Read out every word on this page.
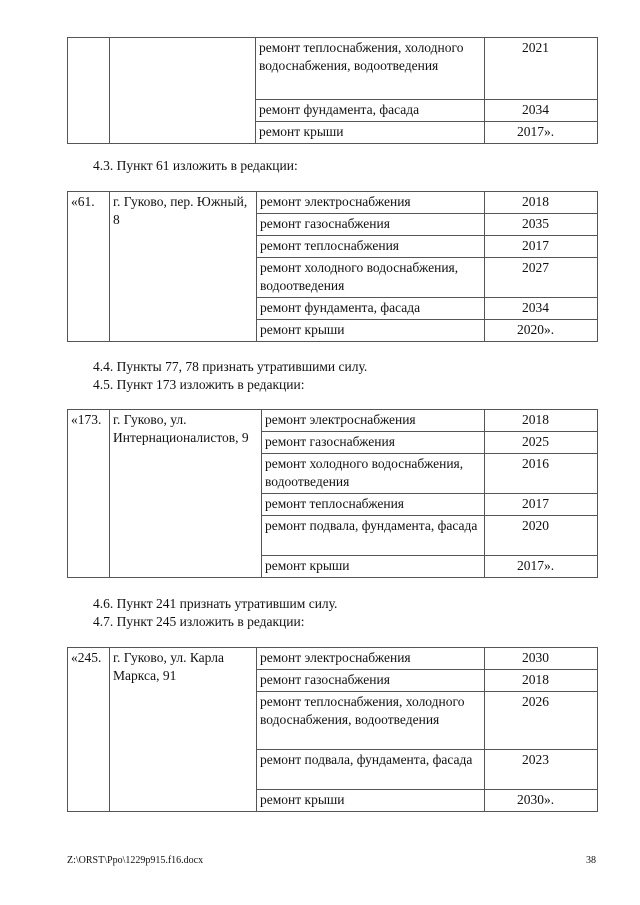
		ремонт теплоснабжения, холодного водоснабжения, водоотведения	2021
		ремонт фундамента, фасада	2034
		ремонт крыши	2017».
4.3. Пункт 61 изложить в редакции:
«61.	г. Гуково, пер. Южный, 8	ремонт электроснабжения	2018
		ремонт газоснабжения	2035
		ремонт теплоснабжения	2017
		ремонт холодного водоснабжения, водоотведения	2027
		ремонт фундамента, фасада	2034
		ремонт крыши	2020».
4.4. Пункты 77, 78 признать утратившими силу.
4.5. Пункт 173 изложить в редакции:
«173.	г. Гуково, ул. Интернационалистов, 9	ремонт электроснабжения	2018
		ремонт газоснабжения	2025
		ремонт холодного водоснабжения, водоотведения	2016
		ремонт теплоснабжения	2017
		ремонт подвала, фундамента, фасада	2020
		ремонт крыши	2017».
4.6. Пункт 241 признать утратившим силу.
4.7. Пункт 245 изложить в редакции:
«245.	г. Гуково, ул. Карла Маркса, 91	ремонт электроснабжения	2030
		ремонт газоснабжения	2018
		ремонт теплоснабжения, холодного водоснабжения, водоотведения	2026
		ремонт подвала, фундамента, фасада	2023
		ремонт крыши	2030».
Z:\ORST\Ppo\1229p915.f16.docx	38
